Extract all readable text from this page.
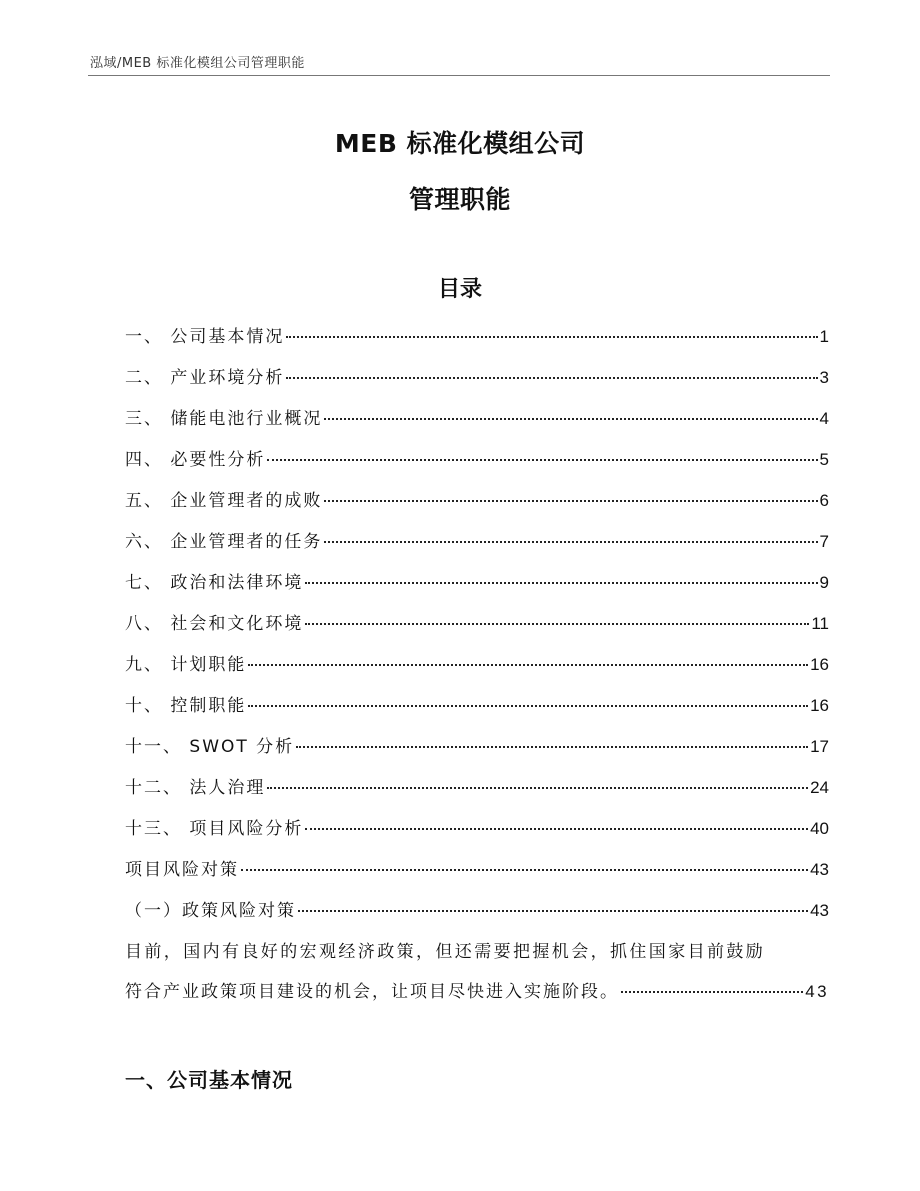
泓域/MEB 标准化模组公司管理职能
MEB 标准化模组公司
管理职能
目录
一、 公司基本情况	1
二、 产业环境分析	3
三、 储能电池行业概况	4
四、 必要性分析	5
五、 企业管理者的成败	6
六、 企业管理者的任务	7
七、 政治和法律环境	9
八、 社会和文化环境	11
九、 计划职能	16
十、 控制职能	16
十一、 SWOT 分析	17
十二、 法人治理	24
十三、 项目风险分析	40
项目风险对策	43
（一）政策风险对策	43
目前，国内有良好的宏观经济政策，但还需要把握机会，抓住国家目前鼓励
符合产业政策项目建设的机会，让项目尽快进入实施阶段。	43
一、公司基本情况
